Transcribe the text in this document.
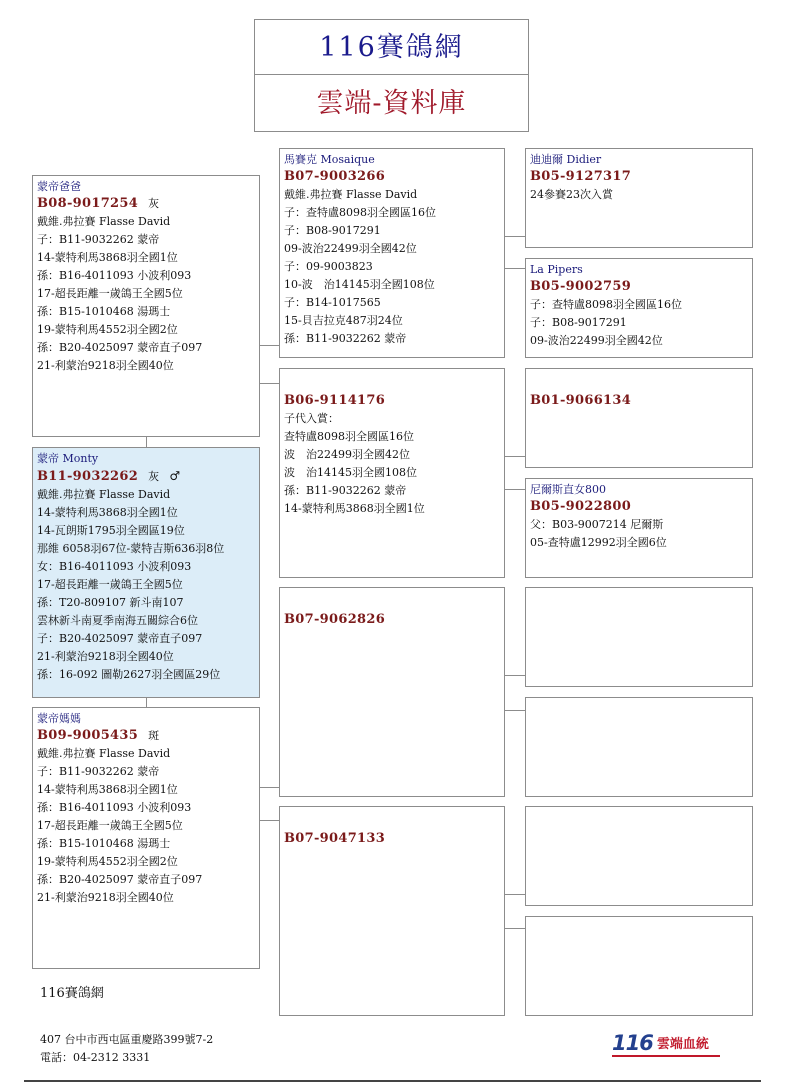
116賽鴿網
雲端-資料庫
蒙帝爸爸
B08-9017254 灰
戴維.弗拉賽 Flasse David
子：B11-9032262 蒙帝
14-蒙特利馬3868羽全國1位
孫：B16-4011093 小波利093
17-超長距離一歲鴿王全國5位
孫：B15-1010468 湯瑪士
19-蒙特利馬4552羽全國2位
孫：B20-4025097 蒙帝直子097
21-利蒙治9218羽全國40位
蒙帝 Monty
B11-9032262 灰 ♂
戴維.弗拉賽 Flasse David
14-蒙特利馬3868羽全國1位
14-瓦朗斯1795羽全國區19位
那維 6058羽67位-蒙特吉斯636羽8位
女：B16-4011093 小波利093
17-超長距離一歲鴿王全國5位
孫：T20-809107 新斗南107
雲林新斗南夏季南海五關綜合6位
子：B20-4025097 蒙帝直子097
21-利蒙治9218羽全國40位
孫：16-092 圖勒2627羽全國區29位
蒙帝媽媽
B09-9005435 斑
戴維.弗拉賽 Flasse David
子：B11-9032262 蒙帝
14-蒙特利馬3868羽全國1位
孫：B16-4011093 小波利093
17-超長距離一歲鴿王全國5位
孫：B15-1010468 湯瑪士
19-蒙特利馬4552羽全國2位
孫：B20-4025097 蒙帝直子097
21-利蒙治9218羽全國40位
馬賽克 Mosaique
B07-9003266
戴維.弗拉賽 Flasse David
子：查特盧8098羽全國區16位
子：B08-9017291
09-波治22499羽全國42位
子：09-9003823
10-波　治14145羽全國108位
子：B14-1017565
15-貝吉拉克487羽24位
孫：B11-9032262 蒙帝
B06-9114176
子代入賞：
查特盧8098羽全國區16位
波　治22499羽全國42位
波　治14145羽全國108位
孫：B11-9032262 蒙帝
14-蒙特利馬3868羽全國1位
B07-9062826
B07-9047133
迪迪爾 Didier
B05-9127317
24參賽23次入賞
La Pipers
B05-9002759
子：查特盧8098羽全國區16位
子：B08-9017291
09-波治22499羽全國42位
B01-9066134
尼爾斯直女800
B05-9022800
父：B03-9007214 尼爾斯
05-查特盧12992羽全國6位
116賽鴿網
407 台中市西屯區重慶路399號7-2
電話：04-2312 3331
116 雲端血統
